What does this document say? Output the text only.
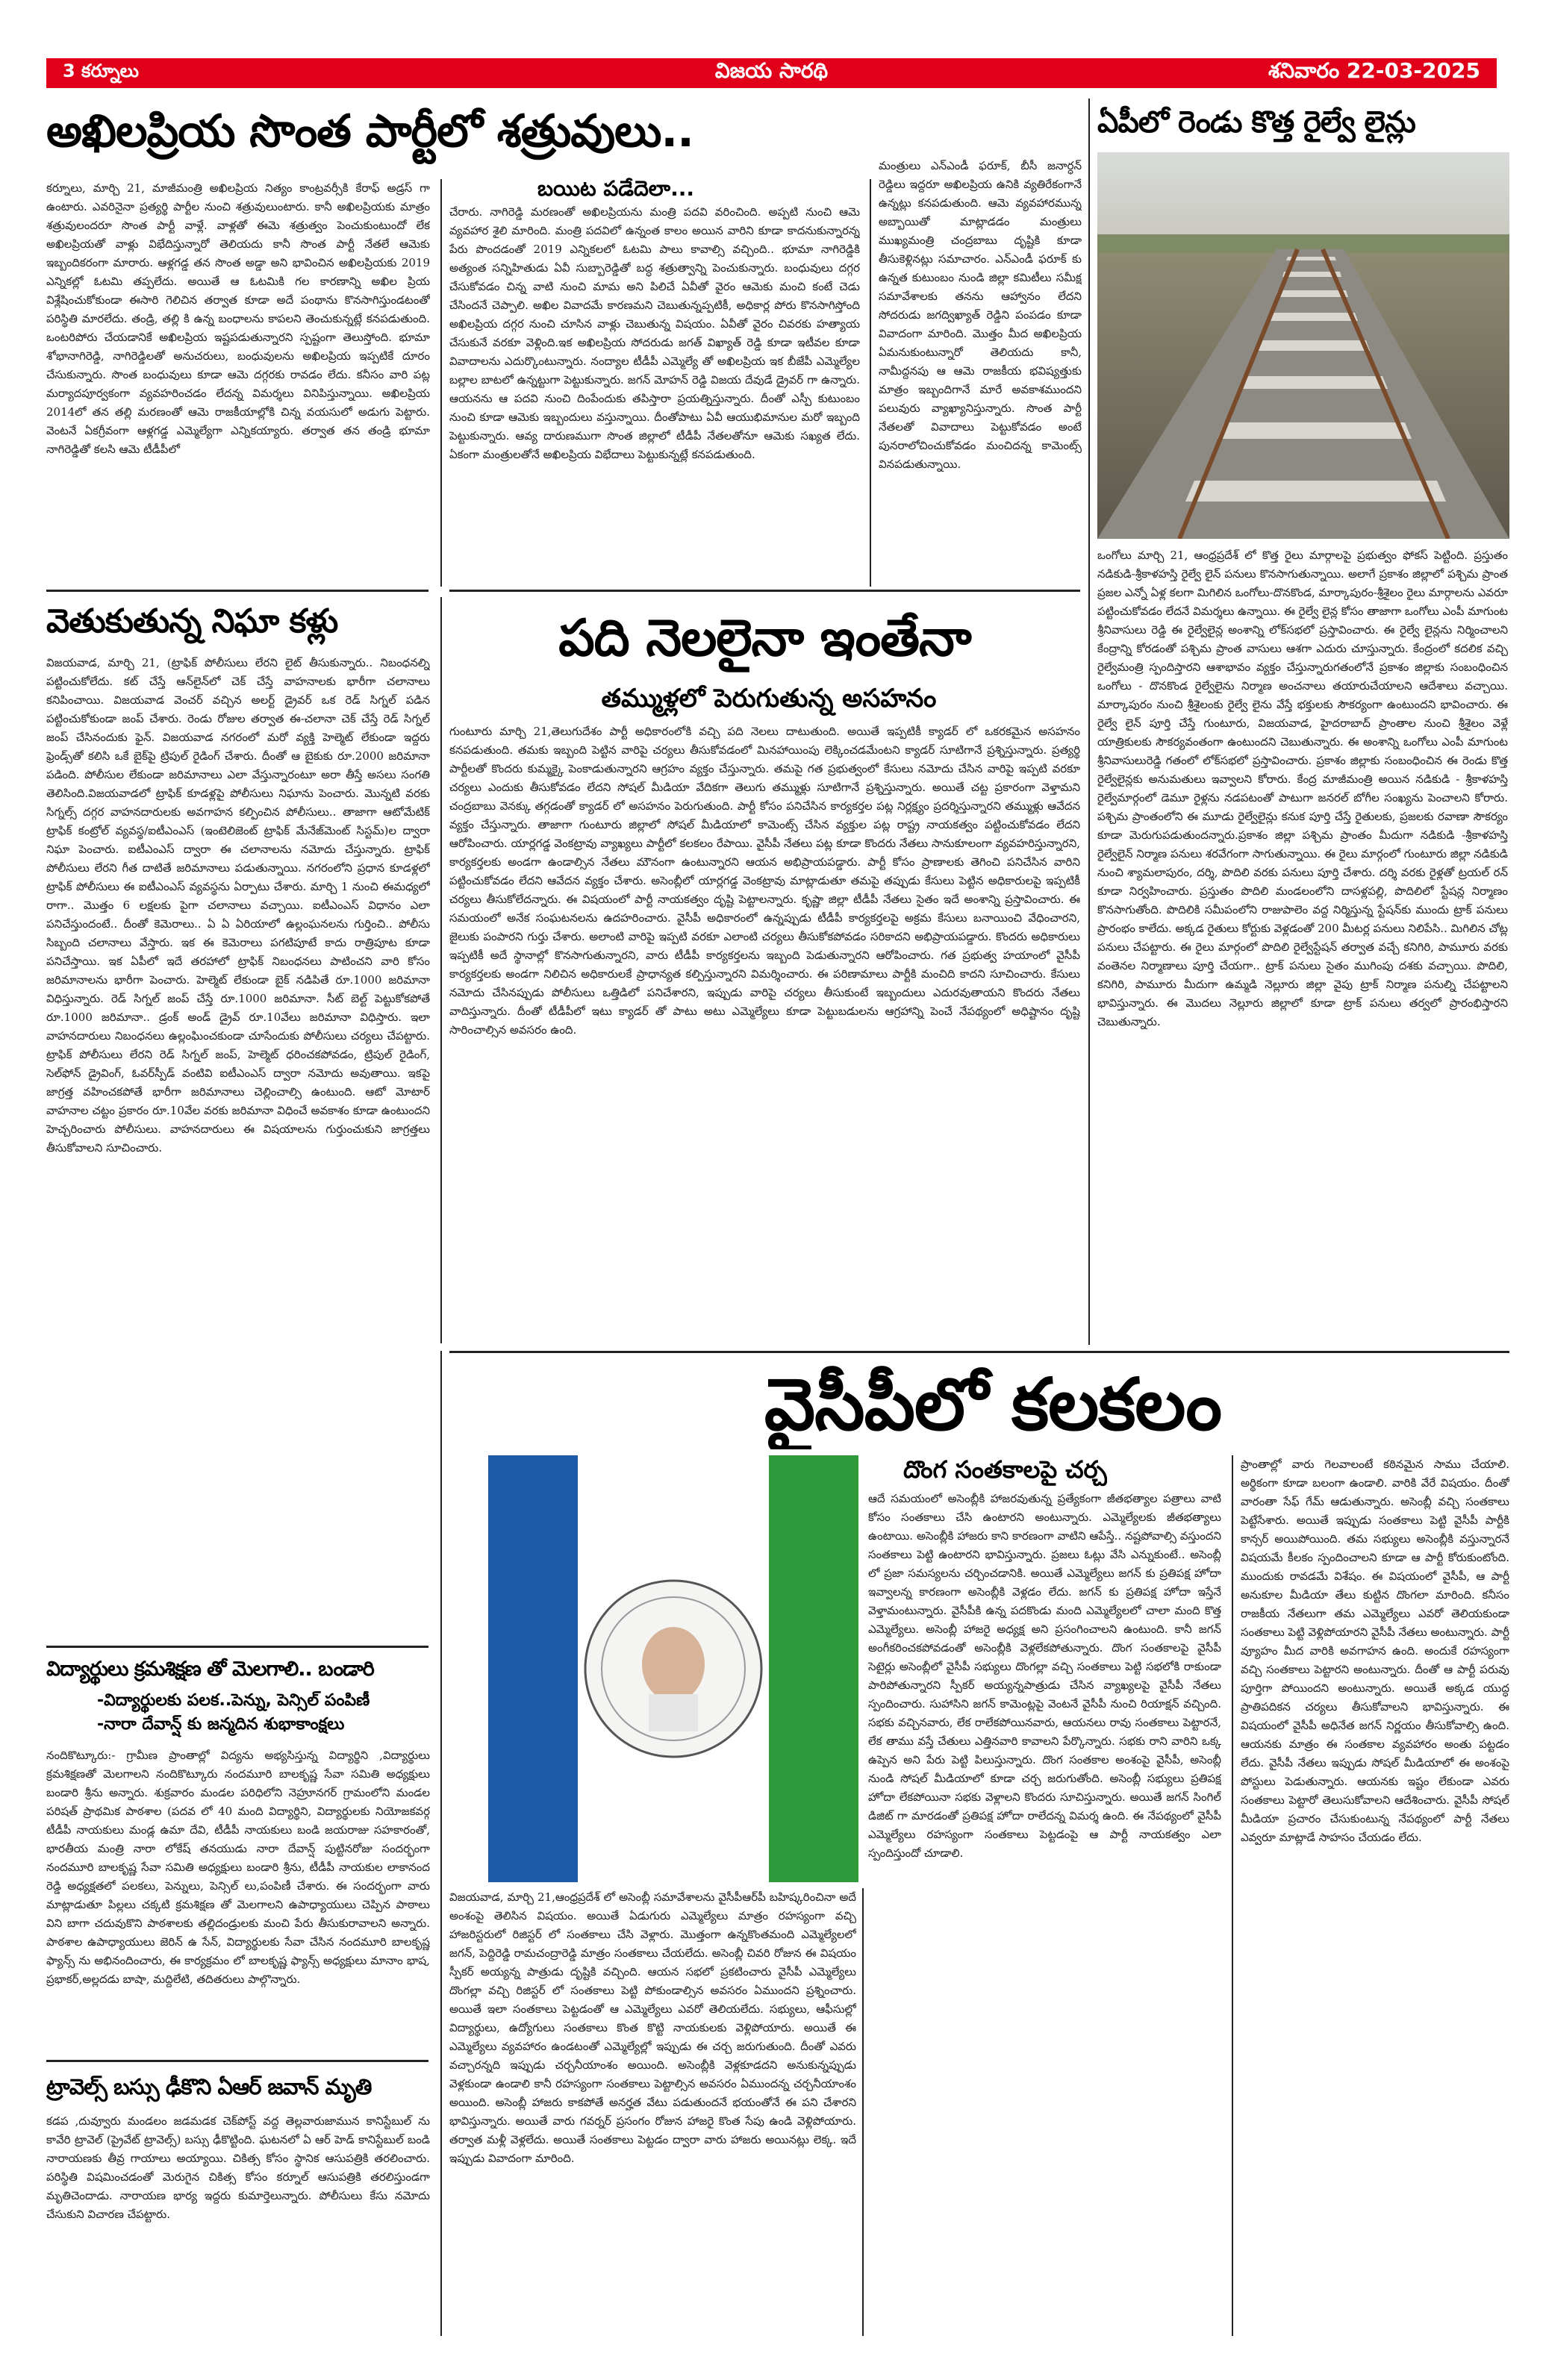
3 కర్నూలు	విజయ సారథి	శనివారం 22-03-2025
అఖిలప్రియ సొంత పార్టీలో శత్రువులు..
బయిట పడేదెలా...
కర్నూలు, మార్చి 21, మాజీమంత్రి అఖిలప్రియ నిత్యం కాంట్రవర్సీకి కేరాఫ్ అడ్రస్ గా ఉంటారు. ఎవరినైనా ప్రత్యర్థి పార్టీల నుంచి శత్రువులుంటారు. కానీ అఖిలప్రియకు మాత్రం శత్రువులందరూ సొంత పార్టీ వాళ్లే. వాళ్లతో ఈమె శత్రుత్వం పెంచుకుంటుందో లేక అఖిలప్రియతో వాళ్లు విభేదిస్తున్నారో తెలియదు కానీ సొంత పార్టీ నేతలే ఆమెకు ఇబ్బందికరంగా మారారు. ఆళ్లగడ్డ తన సొంత అడ్డా అని భావించిన అఖిలప్రియకు 2019 ఎన్నికల్లో ఓటమి తప్పలేదు. అయితే ఆ ఓటమికి గల కారణాన్ని అఖిల ప్రియ విశ్లేషించుకోకుండా ఈసారి గెలిచిన తర్వాత కూడా అదే పంథాను కొనసాగిస్తుండటంతో పరిస్థితి మారలేదు. తండ్రి, తల్లి కి ఉన్న బంధాలను కాపలని తెంచుకున్నట్లే కనపడుతుంది. ఒంటరిపోరు చేయడానికే అఖిలప్రియ ఇష్టపడుతున్నారని స్పష్టంగా తెలుస్తోంది. భూమా శోభానాగిరెడ్డి, నాగిరెడ్డిలతో అనుచరులు, బంధువులను అఖిలప్రియ ఇప్పటికే దూరం చేసుకున్నారు. సొంత బంధువులు కూడా ఆమె దగ్గరకు రావడం లేదు. కనీసం వారి పట్ల మర్యాదపూర్వకంగా వ్యవహరించడం లేదన్న విమర్శలు వినిపిస్తున్నాయి. అఖిలప్రియ 2014లో తన తల్లి మరణంతో ఆమె రాజకీయాల్లోకి చిన్న వయసులో అడుగు పెట్టారు. వెంటనే ఏకగ్రీవంగా ఆళ్లగడ్డ ఎమ్మెల్యేగా ఎన్నికయ్యారు. తర్వాత తన తండ్రి భూమా నాగిరెడ్డితో కలసి ఆమె టీడీపీలో
చేరారు. నాగిరెడ్డి మరణంతో అఖిలప్రియను మంత్రి పదవి వరించింది. అప్పటి నుంచి ఆమె వ్యవహార శైలి మారింది. మంత్రి పదవిలో ఉన్నంత కాలం అయిన వారిని కూడా కాదనుకున్నారన్న పేరు పొందడంతో 2019 ఎన్నికలలో ఓటమి పాలు కావాల్సి వచ్చింది.. భూమా నాగిరెడ్డికి అత్యంత సన్నిహితుడు ఏవీ సుబ్బారెడ్డితో బద్ధ శత్రుత్వాన్ని పెంచుకున్నారు. బంధువులు దగ్గర చేసుకోవడం చిన్న వాటి నుంచి మామ అని పిలిచే ఏవీతో వైరం ఆమెకు మంచి కంటే చెడు చేసిందనే చెప్పాలి. అఖిల వివాదమే కారణమని చెబుతున్నప్పటికీ, అధికార్ల పోరు కొనసాగిస్తోంది అఖిలప్రియ దగ్గర నుంచి చూసిన వాళ్లు చెబుతున్న విషయం. ఏవీతో వైరం చివరకు హత్యాయ చేసుకునే వరకూ వెళ్లింది.ఇక అఖిలప్రియ సోదరుడు జగత్ విఖ్యాత్ రెడ్డి కూడా ఇటీవల కూడా వివాదాలను ఎదుర్కొంటున్నారు. నంద్యాల టీడీపీ ఎమ్మెల్యే తో అఖిలప్రియ ఇక బీజేపీ ఎమ్మెల్యేల బల్లాల బాటలో ఉన్నట్టుగా పెట్టుకున్నారు. జగన్ మోహన్ రెడ్డి విజయ దేవుడే డ్రైవర్ గా ఉన్నారు. ఆయనను ఆ పదవి నుంచి దింపేందుకు తపిస్తారా ప్రయత్నిస్తున్నారు. దీంతో ఎస్పీ కుటుంబం నుంచి కూడా ఆమెకు ఇబ్బందులు వస్తున్నాయి. దీంతోపాటు ఏవీ ఆయుభిమానుల మరో ఇబ్బంది పెట్టుకున్నారు. ఆవ్య దారుణముగా సొంత జిల్లాలో టీడీపీ నేతలతోనూ ఆమెకు సఖ్యత లేదు. ఏకంగా మంత్రులతోనే అఖిలప్రియ విభేదాలు పెట్టుకున్నట్లే కనపడుతుంది.
మంత్రులు ఎన్ఎండీ ఫరూక్, బీసీ జనార్ధన్ రెడ్డిలు ఇద్దరూ అఖిలప్రియ ఉనికి వ్యతిరేకంగానే ఉన్నట్లు కనపడుతుంది. ఆమె వ్యవహారమున్న అబ్బాయితో మాట్లాడడం మంత్రులు ముఖ్యమంత్రి చంద్రబాబు దృష్టికి కూడా తీసుకెళ్లినట్లు సమాచారం. ఎన్ఎండీ ఫరూక్ కు ఉన్నత కుటుంబం నుండి జిల్లా కమిటీలు సమీక్ష సమావేశాలకు తనను ఆహ్వానం లేదని సోదరుడు జగద్విఖ్యాత్ రెడ్డిని పంపడం కూడా వివాదంగా మారింది. మొత్తం మీద అఖిలప్రియ ఏమనుకుంటున్నారో తెలియదు కానీ, నామీద్దనపు ఆ ఆమె రాజకీయ భవిష్యత్తుకు మాత్రం ఇబ్బందిగానే మారే అవకాశముందని పలువురు వ్యాఖ్యానిస్తున్నారు. సొంత పార్టీ నేతలతో వివాదాలు పెట్టుకోవడం అంటే పునరాలోచించుకోవడం మంచిదన్న కామెంట్స్ వినపడుతున్నాయి.
ఏపీలో రెండు కొత్త రైల్వే లైన్లు
ఒంగోలు మార్చి 21, ఆంధ్రప్రదేశ్ లో కొత్త రైలు మార్గాలపై ప్రభుత్వం ఫోకస్ పెట్టింది. ప్రస్తుతం నడికుడి-శ్రీకాళహస్తి రైల్వే లైన్ పనులు కొనసాగుతున్నాయి. అలాగే ప్రకాశం జిల్లాలో పశ్చిమ ప్రాంత ప్రజల ఎన్నో ఏళ్ల కలగా మిగిలిన ఒంగోలు-దొనకొండ, మార్కాపురం-శ్రీశైలం రైలు మార్గాలను ఎవరూ పట్టించుకోవడం లేదనే విమర్శలు ఉన్నాయి. ఈ రైల్వే లైన్ల కోసం తాజాగా ఒంగోలు ఎంపీ మాగుంట శ్రీనివాసులు రెడ్డి ఈ రైల్వేలైన్ల అంశాన్ని లోక్‌సభలో ప్రస్తావించారు. ఈ రైల్వే లైన్లను నిర్మించాలని కేంద్రాన్ని కోరడంతో పశ్చిమ ప్రాంత వాసులు ఆశగా ఎదురు చూస్తున్నారు. కేంద్రంలో కదలిక వచ్చి రైల్వేమంత్రి స్పందిస్తారని ఆశాభావం వ్యక్తం చేస్తున్నారుగతంలోనే ప్రకాశం జిల్లాకు సంబంధించిన ఒంగోలు - దొనకొండ రైల్వేలైను నిర్మాణ అంచనాలు తయారుచేయాలని ఆదేశాలు వచ్చాయి. మార్కాపురం నుంచి శ్రీశైలంకు రైల్వే లైను వేస్తే భక్తులకు సౌకర్యంగా ఉంటుందని భావించారు. ఈ రైల్వే లైన్ పూర్తి చేస్తే గుంటూరు, విజయవాడ, హైదరాబాద్ ప్రాంతాల నుంచి శ్రీశైలం వెళ్లే యాత్రికులకు సౌకర్యవంతంగా ఉంటుందని చెబుతున్నారు. ఈ అంశాన్ని ఒంగోలు ఎంపీ మాగుంట శ్రీనివాసులురెడ్డి గతంలో లోక్‌సభలో ప్రస్తావించారు. ప్రకాశం జిల్లాకు సంబంధించిన ఈ రెండు కొత్త రైల్వేలైన్లకు అనుమతులు ఇవ్వాలని కోరారు. కేంద్ర మాజీమంత్రి అయిన నడికుడి - శ్రీకాళహస్తి రైల్వేమార్గంలో డెమూ రైళ్లను నడపటంతో పాటుగా జనరల్ బోగీల సంఖ్యను పెంచాలని కోరారు. పశ్చిమ ప్రాంతంలోని ఈ మూడు రైల్వేలైన్లు కనుక పూర్తి చేస్తే రైతులకు, ప్రజలకు రవాణా సౌకర్యం కూడా మెరుగుపడుతుందన్నారు.ప్రకాశం జిల్లా పశ్చిమ ప్రాంతం మీదుగా నడికుడి -శ్రీకాళహస్తి రైల్వేలైన్ నిర్మాణ పనులు శరవేగంగా సాగుతున్నాయి. ఈ రైలు మార్గంలో గుంటూరు జిల్లా నడికుడి నుంచి శ్యామలాపురం, దర్శి, పొదిలి వరకు పనులు పూర్తి చేశారు. దర్శి వరకు రైళ్లతో ట్రయల్ రన్ కూడా నిర్వహించారు. ప్రస్తుతం పొదిలి మండలంలోని దాసళ్లపల్లి, పొదిలిలో స్టేషన్ల నిర్మాణం కొనసాగుతోంది. పొదిలికి సమీపంలోని రాజుపాలెం వద్ద నిర్మిస్తున్న స్టేషన్‌కు ముందు ట్రాక్ పనులు ప్రారంభం కాలేదు. అక్కడ రైతులు కోర్టుకు వెళ్లడంతో 200 మీటర్ల పనులు నిలిపేసి.. మిగిలిన చోట్ల పనులు చేపట్టారు. ఈ రైలు మార్గంలో పొదిలి రైల్వేస్టేషన్ తర్వాత వచ్చే కనిగిరి, పామూరు వరకు వంతెనల నిర్మాణాలు పూర్తి చేయగా.. ట్రాక్ పనులు సైతం ముగింపు దశకు వచ్చాయి. పొదిలి, కనిగిరి, పామూరు మీదుగా ఉమ్మడి నెల్లూరు జిల్లా వైపు ట్రాక్ నిర్మాణ పనుల్ని చేపట్టాలని భావిస్తున్నారు. ఈ మొదలు నెల్లూరు జిల్లాలో కూడా ట్రాక్ పనులు తర్వలో ప్రారంభిస్తారని చెబుతున్నారు.
వెతుకుతున్న నిఘా కళ్లు
విజయవాడ, మార్చి 21, (ట్రాఫిక్ పోలీసులు లేరని లైట్ తీసుకున్నారు.. నిబంధనల్ని పట్టించుకోలేదు. కట్ చేస్తే ఆన్‌లైన్‌లో చెక్ చేస్తే వాహనాలకు భారీగా చలానాలు కనిపించాయి. విజయవాడ వెంచర్ వచ్చిన అలర్ట్ డ్రైవర్ ఒక రెడ్ సిగ్నల్ పడిన పట్టించుకోకుండా జంప్ చేశారు. రెండు రోజుల తర్వాత ఈ-చలానా చెక్ చేస్తే రెడ్ సిగ్నల్ జంప్ చేసినందుకు ఫైన్. విజయవాడ నగరంలో మరో వ్యక్తి హెల్మెట్ లేకుండా ఇద్దరు ఫ్రెండ్స్‌తో కలిసి ఒకే బైక్‌పై ట్రిపుల్ రైడింగ్ చేశారు. దీంతో ఆ బైకుకు రూ.2000 జరిమానా పడింది. పోలీసుల లేకుండా జరిమానాలు ఎలా వేస్తున్నారంటూ అరా తీస్తే అసలు సంగతి తెలిసింది.విజయవాడలో ట్రాఫిక్ కూడళ్లపై పోలీసులు నిఘాను పెంచారు. మొన్నటి వరకు సిగ్నల్స్ దగ్గర వాహనదారులకు అవగాహన కల్పించిన పోలీసులు.. తాజాగా ఆటోమేటిక్ ట్రాఫిక్ కంట్రోల్ వ్యవస్థ/ఐటీఎంఎస్ (ఇంటెలిజెంట్ ట్రాఫిక్ మేనేజ్‌మెంట్ సిస్టమ్)ల ద్వారా నిఘా పెంచారు. ఐటీఎంఎస్ ద్వారా ఈ చలానాలను నమోదు చేస్తున్నారు. ట్రాఫిక్ పోలీసులు లేరని గీత దాటితే జరిమానాలు పడుతున్నాయి. నగరంలోని ప్రధాన కూడళ్లలో ట్రాఫిక్ పోలీసులు ఈ ఐటీఎంఎస్ వ్యవస్థను ఏర్పాటు చేశారు. మార్చి 1 నుంచి ఈమధ్యలో రాగా.. మొత్తం 6 లక్షలకు పైగా చలానాలు వచ్చాయి. ఐటీఎంఎస్ విధానం ఎలా పనిచేస్తుందంటే.. దీంతో కెమెరాలు.. ఏ ఏ ఏరియాలో ఉల్లంఘనలను గుర్తించి.. పోలీసు సిబ్బంది చలానాలు వేస్తారు. ఇక ఈ కెమెరాలు పగటిపూటే కాదు రాత్రిపూట కూడా పనిచేస్తాయి. ఇక ఏపీలో ఇదే తరహాలో ట్రాఫిక్ నిబంధనలు పాటించని వారి కోసం జరిమానాలను భారీగా పెంచారు. హెల్మెట్ లేకుండా బైక్ నడిపితే రూ.1000 జరిమానా విధిస్తున్నారు. రెడ్ సిగ్నల్ జంప్ చేస్తే రూ.1000 జరిమానా. సీట్ బెల్ట్ పెట్టుకోకపోతే రూ.1000 జరిమానా.. డ్రంక్ అండ్ డ్రైవ్ రూ.10వేలు జరిమానా విధిస్తారు. ఇలా వాహనదారులు నిబంధనలు ఉల్లంఘించకుండా చూసేందుకు పోలీసులు చర్యలు చేపట్టారు. ట్రాఫిక్ పోలీసులు లేరని రెడ్ సిగ్నల్ జంప్, హెల్మెట్ ధరించకపోవడం, ట్రిపుల్ రైడింగ్, సెల్‌ఫోన్ డ్రైవింగ్, ఓవర్‌స్పీడ్ వంటివి ఐటీఎంఎస్ ద్వారా నమోదు అవుతాయి. ఇకపై జాగ్రత్త వహించకపోతే భారీగా జరిమానాలు చెల్లించాల్సి ఉంటుంది. ఆటో మోటార్ వాహనాల చట్టం ప్రకారం రూ.10వేల వరకు జరిమానా విధించే అవకాశం కూడా ఉంటుందని హెచ్చరించారు పోలీసులు. వాహనదారులు ఈ విషయాలను గుర్తుంచుకుని జాగ్రత్తలు తీసుకోవాలని సూచించారు.
పది నెలలైనా ఇంతేనా
తమ్ముళ్లలో పెరుగుతున్న అసహనం
గుంటూరు మార్చి 21,తెలుగుదేశం పార్టీ అధికారంలోకి వచ్చి పది నెలలు దాటుతుంది. అయితే ఇప్పటికీ క్యాడర్ లో ఒకరకమైన అసహనం కనపడుతుంది. తమకు ఇబ్బంది పెట్టిన వారిపై చర్యలు తీసుకోవడంలో మినహాయింపు లెక్కించడమేంటని క్యాడర్ సూటిగానే ప్రశ్నిస్తున్నారు. ప్రత్యర్థి పార్టీలతో కొందరు కుమ్మక్కై పెంకాడుతున్నారని ఆగ్రహం వ్యక్తం చేస్తున్నారు. తమపై గత ప్రభుత్వంలో కేసులు నమోదు చేసిన వారిపై ఇప్పటి వరకూ చర్యలు ఎందుకు తీసుకోవడం లేదని సోషల్ మీడియా వేదికగా తెలుగు తమ్ముళ్లు సూటిగానే ప్రశ్నిస్తున్నారు. అయితే చట్ట ప్రకారంగా వెళ్తామని చంద్రబాబు వెనక్కు తగ్గడంతో క్యాడర్ లో అసహనం పెరుగుతుంది. పార్టీ కోసం పనిచేసిన కార్యకర్తల పట్ల నిర్లక్ష్యం ప్రదర్శిస్తున్నారని తమ్ముళ్లు ఆవేదన వ్యక్తం చేస్తున్నారు. తాజాగా గుంటూరు జిల్లాలో సోషల్ మీడియాలో కామెంట్స్ చేసిన వ్యక్తుల పట్ల రాష్ట్ర నాయకత్వం పట్టించుకోవడం లేదని ఆరోపించారు. యార్లగడ్డ వెంకట్రావు వ్యాఖ్యలు పార్టీలో కలకలం రేపాయి. వైసీపీ నేతలు పట్ల కూడా కొందరు నేతలు సానుకూలంగా వ్యవహరిస్తున్నారని, కార్యకర్తలకు అండగా ఉండాల్సిన నేతలు మౌనంగా ఉంటున్నారని ఆయన అభిప్రాయపడ్డారు. పార్టీ కోసం ప్రాణాలకు తెగించి పనిచేసిన వారిని పట్టించుకోవడం లేదని ఆవేదన వ్యక్తం చేశారు. అసెంబ్లీలో యార్లగడ్డ వెంకట్రావు మాట్లాడుతూ తమపై తప్పుడు కేసులు పెట్టిన అధికారులపై ఇప్పటికీ చర్యలు తీసుకోలేదన్నారు. ఈ విషయంలో పార్టీ నాయకత్వం దృష్టి పెట్టాలన్నారు. కృష్ణా జిల్లా టీడీపీ నేతలు సైతం ఇదే అంశాన్ని ప్రస్తావించారు. ఈ సమయంలో అనేక సంఘటనలను ఉదహరించారు. వైసీపీ అధికారంలో ఉన్నప్పుడు టీడీపీ కార్యకర్తలపై అక్రమ కేసులు బనాయించి వేధించారని, జైలుకు పంపారని గుర్తు చేశారు. అలాంటి వారిపై ఇప్పటి వరకూ ఎలాంటి చర్యలు తీసుకోకపోవడం సరికాదని అభిప్రాయపడ్డారు. కొందరు అధికారులు ఇప్పటికీ అదే స్థానాల్లో కొనసాగుతున్నారని, వారు టీడీపీ కార్యకర్తలను ఇబ్బంది పెడుతున్నారని ఆరోపించారు. గత ప్రభుత్వ హయాంలో వైసీపీ కార్యకర్తలకు అండగా నిలిచిన అధికారులకే ప్రాధాన్యత కల్పిస్తున్నారని విమర్శించారు. ఈ పరిణామాలు పార్టీకి మంచిది కాదని సూచించారు. కేసులు నమోదు చేసినప్పుడు పోలీసులు ఒత్తిడిలో పనిచేశారని, ఇప్పుడు వారిపై చర్యలు తీసుకుంటే ఇబ్బందులు ఎదురవుతాయని కొందరు నేతలు వాదిస్తున్నారు. దీంతో టీడీపీలో ఇటు క్యాడర్ తో పాటు అటు ఎమ్మెల్యేలు కూడా పెట్టుబడులను ఆగ్రహాన్ని పెంచే నేపథ్యంలో అధిష్టానం దృష్టి సారించాల్సిన అవసరం ఉంది.
వైసీపీలో కలకలం
విద్యార్థులు క్రమశిక్షణ తో మెలగాలి.. బండారి
-విద్యార్థులకు పలక..పెన్ను, పెన్సిల్ పంపిణీ
-నారా దేవాన్ష్ కు జన్మదిన శుభాకాంక్షలు
నందికొట్కూరు:- గ్రామీణ ప్రాంతాల్లో విద్యను అభ్యసిస్తున్న విద్యార్థిని ,విద్యార్థులు క్రమశిక్షణతో మెలగాలని నందికొట్కూరు నందమూరి బాలకృష్ణ సేవా సమితి అధ్యక్షులు బండారి శ్రీను అన్నారు. శుక్రవారం మండల పరిధిలోని నెహ్రూనగర్ గ్రామంలోని మండల పరిషత్ ప్రాథమిక పాఠశాల (పదవ లో 40 మంది విద్యార్థిని, విద్యార్థులకు నియోజకవర్గ టీడీపీ నాయకులు మండ్ల ఉమా దేవి, టీడీపీ నాయకులు బండి జయరాజు సహకారంతో, భారతీయ మంత్రి నారా లోకేష్ తనయుడు నారా దేవాన్ష్ పుట్టినరోజు సందర్భంగా నందమూరి బాలకృష్ణ సేవా సమితి అధ్యక్షులు బండారి శ్రీను, టీడీపీ నాయకుల లాకానంద రెడ్డి అధ్యక్షతలో పలకలు, పెన్నులు, పెన్సిల్ లు,పంపిణీ చేశారు. ఈ సందర్భంగా వారు మాట్లాడుతూ పిల్లలు చక్కటి క్రమశిక్షణ తో మెలగాలని ఉపాధ్యాయులు చెప్పిన పాఠాలు విని బాగా చదువుకొని పాఠశాలకు తల్లిదండ్రులకు మంచి పేరు తీసుకురావాలని అన్నారు. పాఠశాల ఉపాధ్యాయులు జెరిన్ ఉ సేన్, విద్యార్థులకు సేవా చేసిన నందమూరి బాలకృష్ణ ఫ్యాన్స్ ను అభినందించారు, ఈ కార్యక్రమం లో బాలకృష్ణ ఫ్యాన్స్ అధ్యక్షులు మానాం భాష, ప్రభాకర్,అల్లదడు బాషా, మద్దిలేటి, తదితరులు పాల్గొన్నారు.
ట్రావెల్స్ బస్సు ఢీకొని ఏఆర్ జవాన్ మృతి
కడప ,దువ్వూరు మండలం జడమడక చెక్‌పోస్ట్ వద్ద తెల్లవారుజామున కానిస్టేబుల్ ను కావేరి ట్రావెల్ (ప్రైవేట్ ట్రావెల్స్) బస్సు ఢీకొట్టింది. ఘటనలో ఏ ఆర్ హెడ్ కానిస్టేబుల్ బండి నారాయణకు తీవ్ర గాయాలు అయ్యాయి. చికిత్స కోసం స్థానిక ఆసుపత్రికి తరలించారు. పరిస్థితి విషమించడంతో మెరుగైన చికిత్స కోసం కర్నూల్ ఆసుపత్రికి తరలిస్తుండగా మృతిచెందాడు. నారాయణ భార్య ఇద్దరు కుమార్తెలున్నారు. పోలీసులు కేసు నమోదు చేసుకుని విచారణ చేపట్టారు.
దొంగ సంతకాలపై చర్చ
ఆదే సమయంలో అసెంబ్లీకి హాజరవుతున్న ప్రత్యేకంగా జీతభత్యాల పత్రాలు వాటి కోసం సంతకాలు చేసి ఉంటారని అంటున్నారు. ఎమ్మెల్యేలకు జీతభత్యాలు ఉంటాయి. అసెంబ్లీకి హాజరు కాని కారణంగా వాటిని ఆపేస్తే.. నష్టపోవాల్సి వస్తుందని సంతకాలు పెట్టి ఉంటారని భావిస్తున్నారు. ప్రజలు ఓట్లు వేసి ఎన్నుకుంటే.. అసెంబ్లీ లో ప్రజా సమస్యలను చర్చించడానికి. అయితే ఎమ్మెల్యేలు జగన్ కు ప్రతిపక్ష హోదా ఇవ్వాలన్న కారణంగా అసెంబ్లీకి వెళ్లడం లేదు. జగన్ కు ప్రతిపక్ష హోదా ఇస్తేనే వెళ్తామంటున్నారు. వైసీపీకి ఉన్న పదకొండు మంది ఎమ్మెల్యేలలో చాలా మంది కొత్త ఎమ్మెల్యేలు. అసెంబ్లీ హాజరై అధ్యక్ష అని ప్రసంగించాలని ఉంటుంది. కానీ జగన్ అంగీకరించకపోవడంతో అసెంబ్లీకి వెళ్లలేకపోతున్నారు. దొంగ సంతకాలపై వైసీపీ సెటైర్లు అసెంబ్లీలో వైసీపీ సభ్యులు దొంగల్లా వచ్చి సంతకాలు పెట్టి సభలోకి రాకుండా పారిపోతున్నారని స్పీకర్ అయ్యన్నపాత్రుడు చేసిన వ్యాఖ్యలపై వైసీపీ నేతలు స్పందించారు. సుహాసిని జగన్ కామెంట్లపై వెంటనే వైసీపీ నుంచి రియాక్షన్ వచ్చింది. సభకు వచ్చినవారు, లేక రాలేకపోయినవారు, ఆయనలు రావు సంతకాలు పెట్టారనే, లేక తాము వస్తే చేతులు ఎత్తినవారి కావాలని పేర్కొన్నారు. సభకు రాని వారిని ఒక్క ఉప్పెన అని పేరు పెట్టి పిలుస్తున్నారు. దొంగ సంతకాల అంశంపై వైసీపీ, అసెంబ్లీ నుండి సోషల్ మీడియాలో కూడా చర్చ జరుగుతోంది. అసెంబ్లీ సభ్యులు ప్రతిపక్ష హోదా లేకపోయినా సభకు వెళ్లాలని కొందరు సూచిస్తున్నారు. అయితే జగన్ సింగిల్ డిజిట్ గా మారడంతో ప్రతిపక్ష హోదా రాలేదన్న విమర్శ ఉంది. ఈ నేపథ్యంలో వైసీపీ ఎమ్మెల్యేలు రహస్యంగా సంతకాలు పెట్టడంపై ఆ పార్టీ నాయకత్వం ఎలా స్పందిస్తుందో చూడాలి.
ప్రాంతాల్లో వారు గెలవాలంటే కఠినమైన సాము చేయాలి. అర్థికంగా కూడా బలంగా ఉండాలి. వారికి వేరే విషయం. దీంతో వారంతా సేఫ్ గేమ్ ఆడుతున్నారు. అసెంబ్లీ వచ్చి సంతకాలు పెట్టేసేశారు. అయితే ఇప్పుడు సంతకాలు పెట్టి వైసీపీ పార్టీకి కాన్సర్ అయిపోయింది. తమ సభ్యులు అసెంబ్లీకి వస్తున్నారనే విషయమే కీలకం స్పందించాలని కూడా ఆ పార్టీ కోరుకుంటోంది. ముందుకు రావడమే విశేషం. ఈ విషయంలో వైసీపీ, ఆ పార్టీ అనుకూల మీడియా తేలు కుట్టిన దొంగలా మారింది. కనీసం రాజకీయ నేతలుగా తమ ఎమ్మెల్యేలు ఎవరో తెలియకుండా సంతకాలు పెట్టి వెళ్లిపోయారని వైసీపీ నేతలు అంటున్నారు. పార్టీ వ్యూహం మీద వారికి అవగాహన ఉంది. అందుకే రహస్యంగా వచ్చి సంతకాలు పెట్టారని అంటున్నారు. దీంతో ఆ పార్టీ పరువు పూర్తిగా పోయిందని అంటున్నారు. అయితే అక్కడ యుద్ధ ప్రాతిపదికన చర్యలు తీసుకోవాలని భావిస్తున్నారు. ఈ విషయంలో వైసీపీ అధినేత జగన్ నిర్ణయం తీసుకోవాల్సి ఉంది. ఆయనకు మాత్రం ఈ సంతకాల వ్యవహారం అంతు పట్టడం లేదు. వైసీపీ నేతలు ఇప్పుడు సోషల్ మీడియాలో ఈ అంశంపై పోస్టులు పెడుతున్నారు. ఆయనకు ఇష్టం లేకుండా ఎవరు సంతకాలు పెట్టారో తెలుసుకోవాలని ఆదేశించారు. వైసీపీ సోషల్ మీడియా ప్రచారం చేసుకుంటున్న నేపథ్యంలో పార్టీ నేతలు ఎవ్వరూ మాట్లాడే సాహసం చేయడం లేదు.
విజయవాడ, మార్చి 21,ఆంధ్రప్రదేశ్ లో అసెంబ్లీ సమావేశాలను వైసీపీఆర్‌పీ బహిష్కరించినా అదే అంశంపై తెలిసిన విషయం. అయితే ఏడుగురు ఎమ్మెల్యేలు మాత్రం రహస్యంగా వచ్చి హాజరిస్టరులో రిజిస్టర్ లో సంతకాలు చేసి వెళ్లారు. మొత్తంగా ఉన్నకొంతమంది ఎమ్మెల్యేలలో జగన్, పెద్దిరెడ్డి రామచంద్రారెడ్డి మాత్రం సంతకాలు చేయలేదు. అసెంబ్లీ చివరి రోజున ఈ విషయం స్పీకర్ అయ్యన్న పాత్రుడు దృష్టికి వచ్చింది. ఆయన సభలో ప్రకటించారు వైసీపీ ఎమ్మెల్యేలు దొంగల్లా వచ్చి రిజిస్టర్ లో సంతకాలు పెట్టి పోకుండాల్సిన అవసరం ఏముందని ప్రశ్నించారు. అయితే ఇలా సంతకాలు పెట్టడంతో ఆ ఎమ్మెల్యేలు ఎవరో తెలియలేదు. సభ్యులు, ఆఫీసుల్లో విద్యార్థులు, ఉద్యోగులు సంతకాలు కొంత కొట్టి నాయకులకు వెళ్లిపోయారు. అయితే ఈ ఎమ్మెల్యేలు వ్యవహారం ఉండటంతో ఎమ్మెల్యేల్లో ఇప్పుడు ఈ చర్చ జరుగుతుంది. దీంతో ఎవరు వచ్చారన్నది ఇప్పుడు చర్చనీయాంశం అయింది. అసెంబ్లీకి వెళ్లకూడదని అనుకున్నప్పుడు వెళ్లకుండా ఉండాలి కానీ రహస్యంగా సంతకాలు పెట్టాల్సిన అవసరం ఏముందన్న చర్చనీయాంశం అయింది. అసెంబ్లీ హాజరు కాకపోతే అనర్హత వేటు పడుతుందనే భయంతోనే ఈ పని చేశారని భావిస్తున్నారు. అయితే వారు గవర్నర్ ప్రసంగం రోజున హాజరై కొంత సేపు ఉండి వెళ్లిపోయారు. తర్వాత మళ్లీ వెళ్లలేదు. అయితే సంతకాలు పెట్టడం ద్వారా వారు హాజరు అయినట్లు లెక్క. ఇదే ఇప్పుడు వివాదంగా మారింది.
